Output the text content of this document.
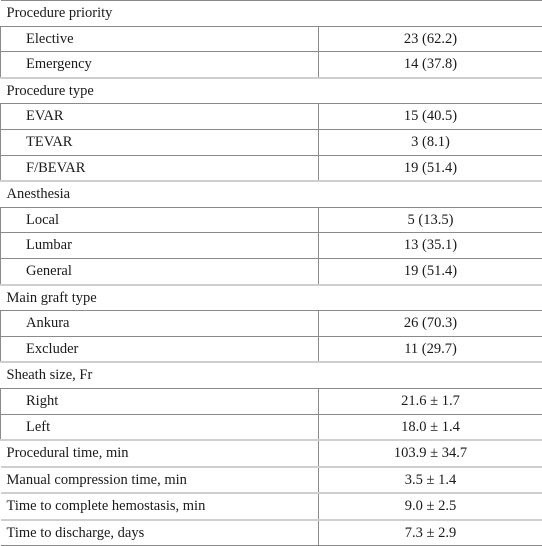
Procedure priority	
Elective	23 (62.2)
Emergency	14 (37.8)
Procedure type	
EVAR	15 (40.5)
TEVAR	3 (8.1)
F/BEVAR	19 (51.4)
Anesthesia	
Local	5 (13.5)
Lumbar	13 (35.1)
General	19 (51.4)
Main graft type	
Ankura	26 (70.3)
Excluder	11 (29.7)
Sheath size, Fr	
Right	21.6 ± 1.7
Left	18.0 ± 1.4
Procedural time, min	103.9 ± 34.7
Manual compression time, min	3.5 ± 1.4
Time to complete hemostasis, min	9.0 ± 2.5
Time to discharge, days	7.3 ± 2.9
